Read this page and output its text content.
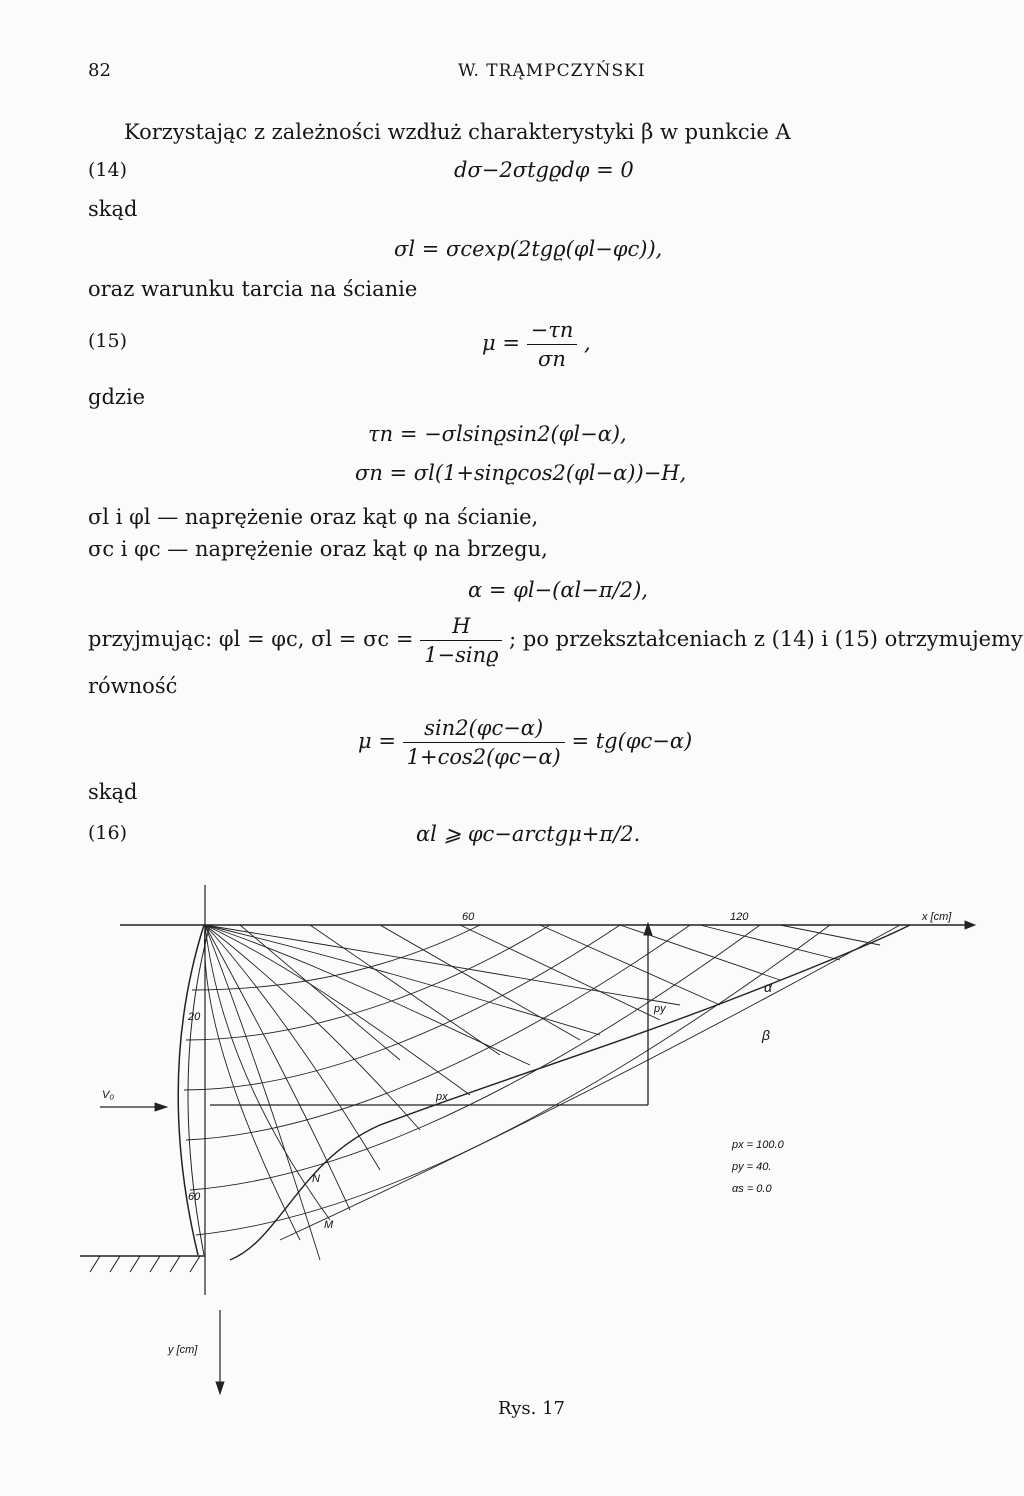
82	W. TRĄMPCZYŃSKI
Korzystając z zależności wzdłuż charakterystyki β w punkcie A
(14)	dσ−2σtgϱdφ = 0
skąd
σl = σcexp(2tgϱ(φl−φc)),
oraz warunku tarcia na ścianie
(15)	$\mu = \frac{-\tau n}{\sigma n}$ ,
gdzie
τn = −σlsinϱsin2(φl−α),
σn = σl(1+sinϱcos2(φl−α))−H,
σl i φl — naprężenie oraz kąt φ na ścianie,
σc i φc — naprężenie oraz kąt φ na brzegu,
α = φl−(αl−π/2),
przyjmując: φl = φc, $\sigma l = \sigma c = \frac{H}{1-\sin ϱ}$ ; po przekształceniach z (14) i (15) otrzymujemy
równość
$\mu = \frac{\sin 2(\varphi c-\alpha)}{1+\cos 2(\varphi c-\alpha)} = tg(\varphi c-\alpha)$
skąd
(16)	αl ⩾ φc−arctgμ+π/2.
60	120	x [cm]
20
60
y [cm]
V₀	px
py
α
β
N
M
px = 100.0
py = 40.
αs = 0.0
Rys. 17
